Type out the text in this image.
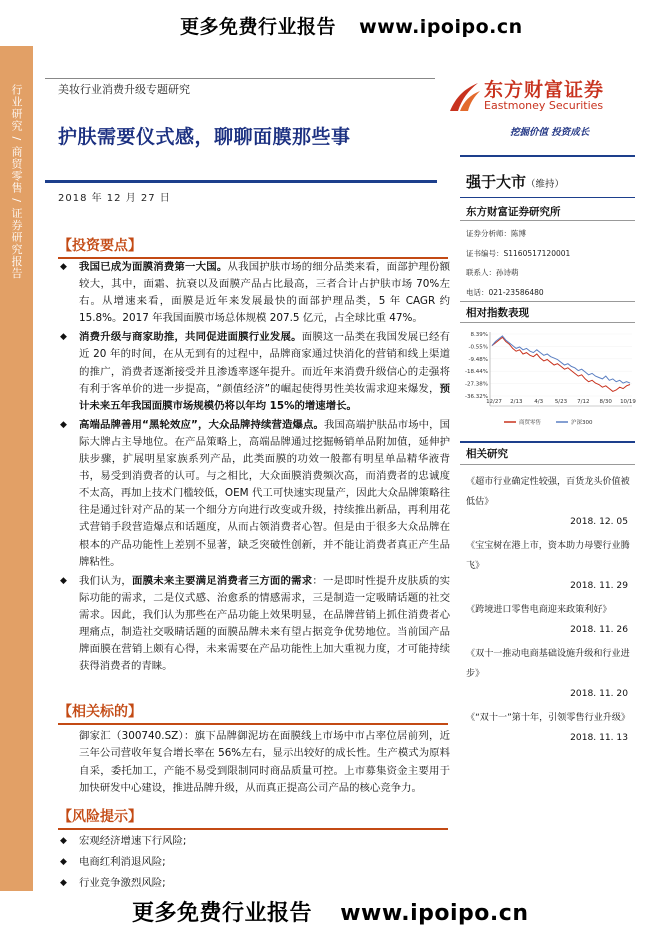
更多免费行业报告 www.ipoipo.cn
行业研究 / 商贸零售 / 证券研究报告	美妆行业消费升级专题研究
护肤需要仪式感，聊聊面膜那些事
2018 年 12 月 27 日
东方财富证券
Eastmoney Securities
挖掘价值 投资成长
强于大市（维持）
东方财富证券研究所
证券分析师：陈博
证书编号：S1160517120001
联系人：孙诗萌
电话：021-23586480
相对指数表现
8.39%
-0.55%
-9.48%
-18.44%
-27.38%
-36.32%
12/27 2/13 4/3 5/23 7/12 8/30 10/19
商贸零售	沪深300
相关研究
《超市行业确定性较强，百货龙头价值被低估》
2018. 12. 05
《宝宝树在港上市，资本助力母婴行业腾飞》
2018. 11. 29
《跨境进口零售电商迎来政策利好》
2018. 11. 26
《双十一推动电商基础设施升级和行业进步》
2018. 11. 20
《“双十一”第十年，引领零售行业升级》
2018. 11. 13
【投资要点】
◆ 我国已成为面膜消费第一大国。从我国护肤市场的细分品类来看，面部护理份额较大，其中，面霜、抗衰以及面膜产品占比最高，三者合计占护肤市场 70%左右。从增速来看，面膜是近年来发展最快的面部护理品类，5 年 CAGR 约 15.8%。2017 年我国面膜市场总体规模 207.5 亿元，占全球比重 47%。
◆ 消费升级与商家助推，共同促进面膜行业发展。面膜这一品类在我国发展已经有近 20 年的时间，在从无到有的过程中，品牌商家通过快消化的营销和线上渠道的推广，消费者逐渐接受并且渗透率逐年提升。而近年来消费升级信心的走强将有利于客单价的进一步提高，“颜值经济”的崛起使得男性美妆需求迎来爆发，预计未来五年我国面膜市场规模仍将以年均 15%的增速增长。
◆ 高端品牌善用“黑轮效应”，大众品牌持续营造爆点。我国高端护肤品市场中，国际大牌占主导地位。在产品策略上，高端品牌通过挖掘畅销单品附加值，延伸护肤步骤，扩展明星家族系列产品，此类面膜的功效一般都有明星单品精华液背书，易受到消费者的认可。与之相比，大众面膜消费频次高，而消费者的忠诚度不太高，再加上技术门槛较低，OEM 代工可快速实现量产，因此大众品牌策略往往是通过针对产品的某一个细分方向进行改变或升级，持续推出新品，再利用花式营销手段营造爆点和话题度，从而占领消费者心智。但是由于很多大众品牌在根本的产品功能性上差别不显著，缺乏突破性创新，并不能让消费者真正产生品牌粘性。
◆ 我们认为，面膜未来主要满足消费者三方面的需求：一是即时性提升皮肤质的实际功能的需求，二是仪式感、治愈系的情感需求，三是制造一定吸睛话题的社交需求。因此，我们认为那些在产品功能上效果明显，在品牌营销上抓住消费者心理痛点，制造社交吸睛话题的面膜品牌未来有望占据竞争优势地位。当前国产品牌面膜在营销上颇有心得，未来需要在产品功能性上加大重视力度，才可能持续获得消费者的青睐。
【相关标的】
御家汇（300740.SZ）：旗下品牌御泥坊在面膜线上市场中市占率位居前列，近三年公司营收年复合增长率在 56%左右，显示出较好的成长性。生产模式为原料自采，委托加工，产能不易受到限制同时商品质量可控。上市募集资金主要用于加快研发中心建设，推进品牌升级，从而真正提高公司产品的核心竞争力。
【风险提示】
◆ 宏观经济增速下行风险;
◆ 电商红利消退风险;
◆ 行业竞争激烈风险;
更多免费行业报告 www.ipoipo.cn
